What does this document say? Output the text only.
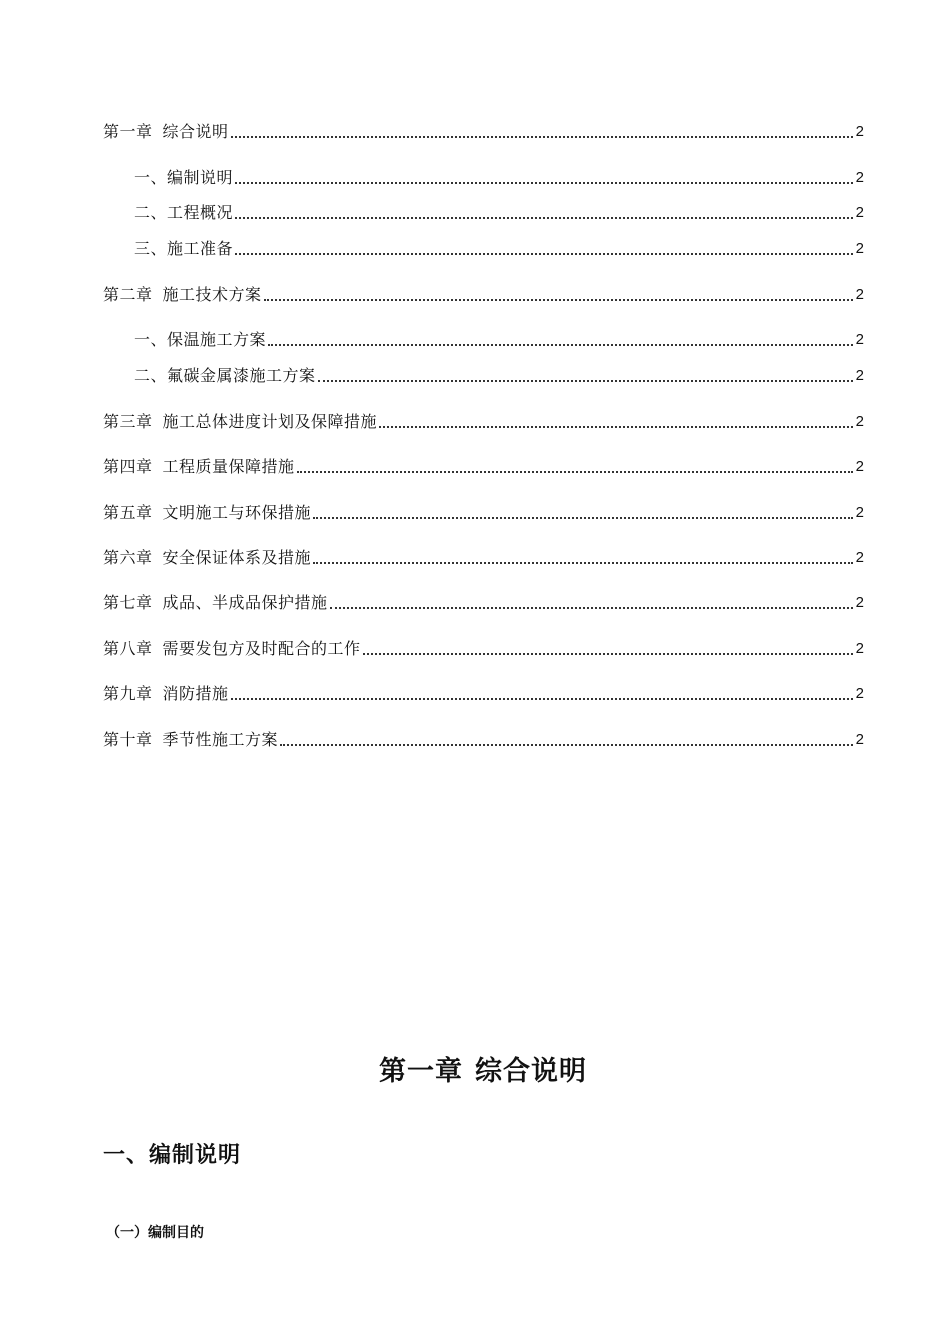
第一章 综合说明	2
一、编制说明	2
二、工程概况	2
三、施工准备	2
第二章 施工技术方案	2
一、保温施工方案	2
二、氟碳金属漆施工方案	2
第三章 施工总体进度计划及保障措施	2
第四章 工程质量保障措施	2
第五章 文明施工与环保措施	2
第六章 安全保证体系及措施	2
第七章 成品、半成品保护措施	2
第八章 需要发包方及时配合的工作	2
第九章 消防措施	2
第十章 季节性施工方案	2
第一章 综合说明
一、编制说明
（一）编制目的
